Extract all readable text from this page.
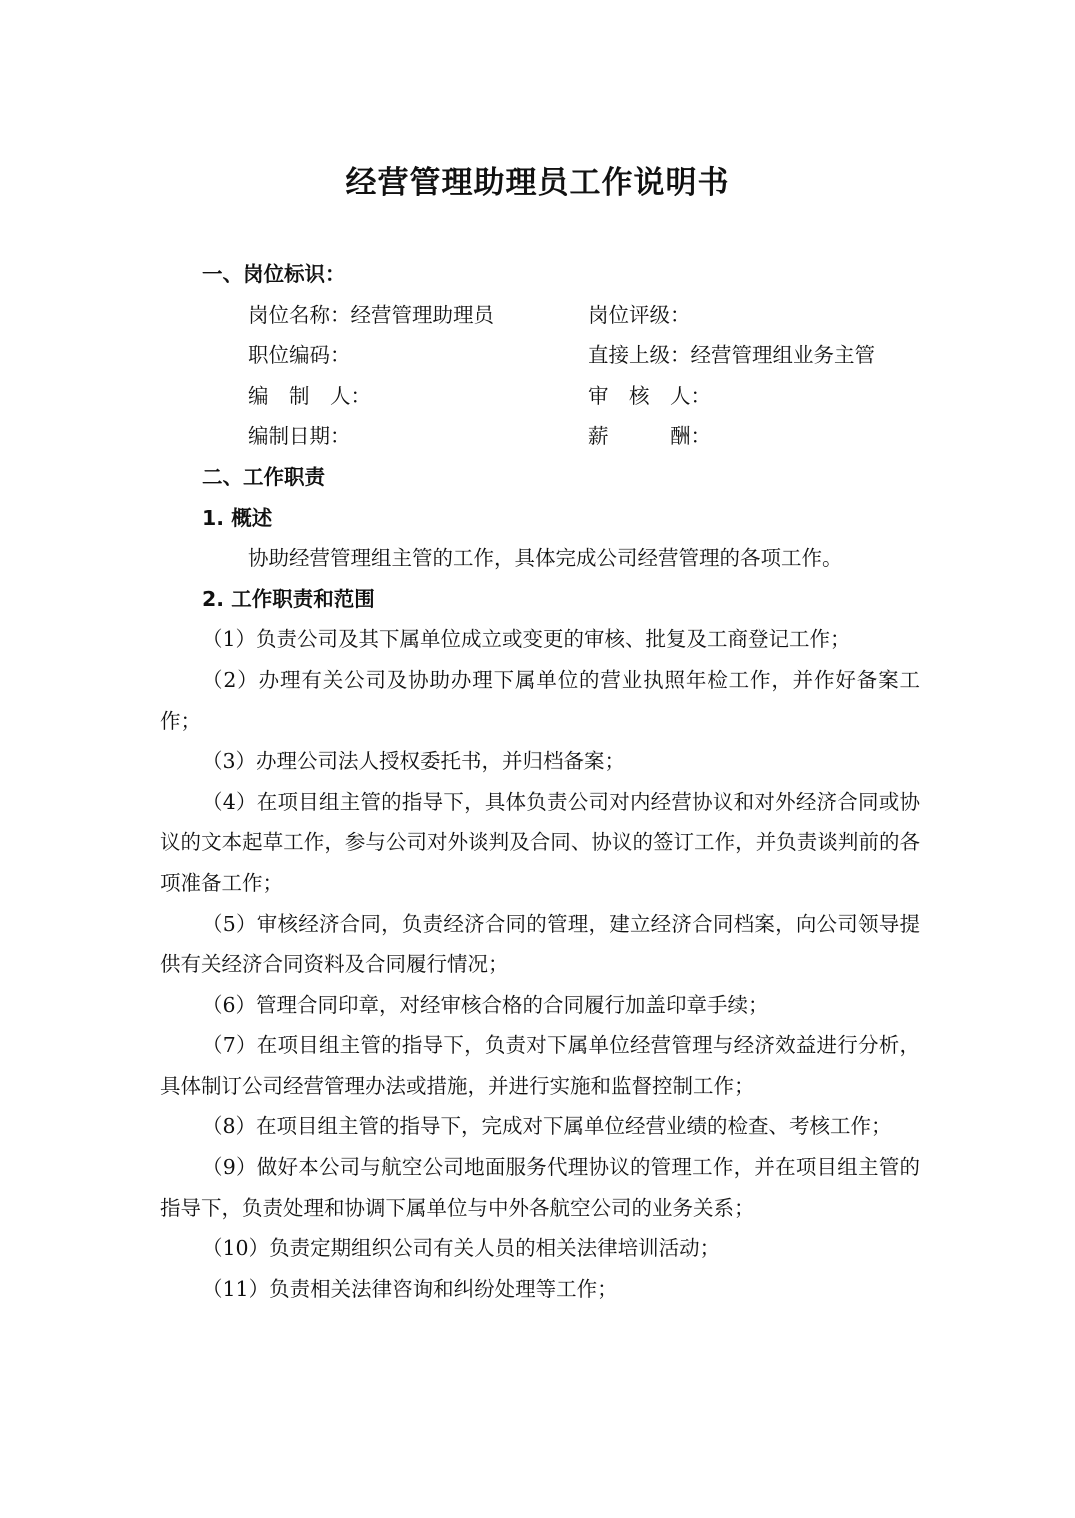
经营管理助理员工作说明书
一、岗位标识：
岗位名称：经营管理助理员	岗位评级：
职位编码：	直接上级：经营管理组业务主管
编　制　人：	审　核　人：
编制日期：	薪　　　酬：
二、工作职责
1. 概述
协助经营管理组主管的工作，具体完成公司经营管理的各项工作。
2. 工作职责和范围
（1）负责公司及其下属单位成立或变更的审核、批复及工商登记工作；
（2）办理有关公司及协助办理下属单位的营业执照年检工作，并作好备案工作；
（3）办理公司法人授权委托书，并归档备案；
（4）在项目组主管的指导下，具体负责公司对内经营协议和对外经济合同或协议的文本起草工作，参与公司对外谈判及合同、协议的签订工作，并负责谈判前的各项准备工作；
（5）审核经济合同，负责经济合同的管理，建立经济合同档案，向公司领导提供有关经济合同资料及合同履行情况；
（6）管理合同印章，对经审核合格的合同履行加盖印章手续；
（7）在项目组主管的指导下，负责对下属单位经营管理与经济效益进行分析，具体制订公司经营管理办法或措施，并进行实施和监督控制工作；
（8）在项目组主管的指导下，完成对下属单位经营业绩的检查、考核工作；
（9）做好本公司与航空公司地面服务代理协议的管理工作，并在项目组主管的指导下，负责处理和协调下属单位与中外各航空公司的业务关系；
（10）负责定期组织公司有关人员的相关法律培训活动；
（11）负责相关法律咨询和纠纷处理等工作；
